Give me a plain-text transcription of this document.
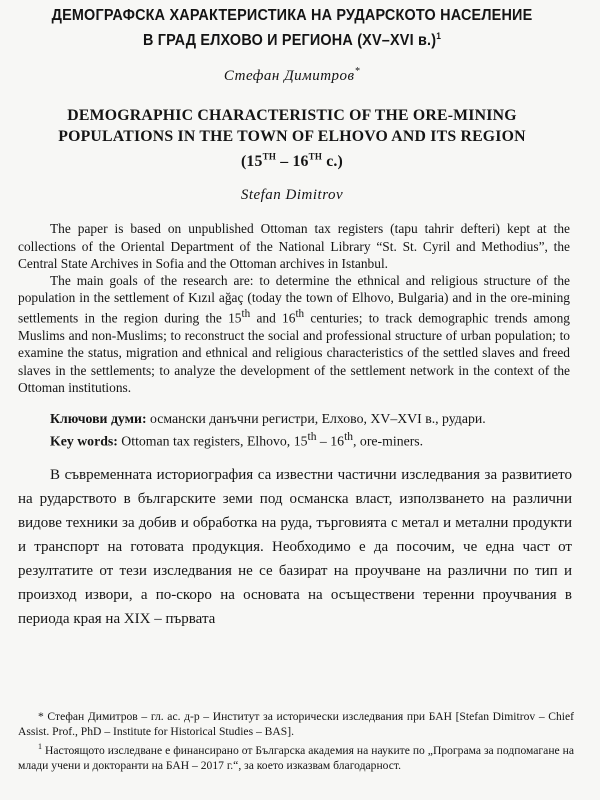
ДЕМОГРАФСКА ХАРАКТЕРИСТИКА НА РУДАРСКОТО НАСЕЛЕНИЕ
В ГРАД ЕЛХОВО И РЕГИОНА (XV–XVI в.)$^1$
Стефан Димитров*
DEMOGRAPHIC CHARACTERISTIC OF THE ORE-MINING
POPULATIONS IN THE TOWN OF ELHOVO AND ITS REGION
(15TH – 16TH c.)
Stefan Dimitrov

The paper is based on unpublished Ottoman tax registers (tapu tahrir defteri) kept at the collections of the Oriental Department of the National Library “St. St. Cyril and Methodius”, the Central State Archives in Sofia and the Ottoman archives in Istanbul.

The main goals of the research are: to determine the ethnical and religious structure of the population in the settlement of Kızıl ağaç (today the town of Elhovo, Bulgaria) and in the ore-mining settlements in the region during the 15th and 16th centuries; to track demographic trends among Muslims and non-Muslims; to reconstruct the social and professional structure of urban population; to examine the status, migration and ethnical and religious characteristics of the settled slaves and freed slaves in the settlements; to analyze the development of the settlement network in the context of the Ottoman institutions.

Ключови думи: османски данъчни регистри, Елхово, XV–XVI в., рудари.
Key words: Ottoman tax registers, Elhovo, 15th – 16th, ore-miners.

В съвременната историография са известни частични изследвания за развитието на рударството в българските земи под османска власт, използването на различни видове техники за добив и обработка на руда, търговията с метал и метални продукти и транспорт на готовата продукция. Необходимо е да посочим, че една част от резултатите от тези изследвания не се базират на проучване на различни по тип и произход извори, а по-скоро на основата на осъществени теренни проучвания в периода края на XIX – първата

* Стефан Димитров – гл. ас. д-р – Институт за исторически изследвания при БАН [Stefan Dimitrov – Chief Assist. Prof., PhD – Institute for Historical Studies – BAS].

$^1$ Настоящото изследване е финансирано от Българска академия на науките по „Програма за подпомагане на млади учени и докторанти на БАН – 2017 г.“, за което изказвам благодарност.
